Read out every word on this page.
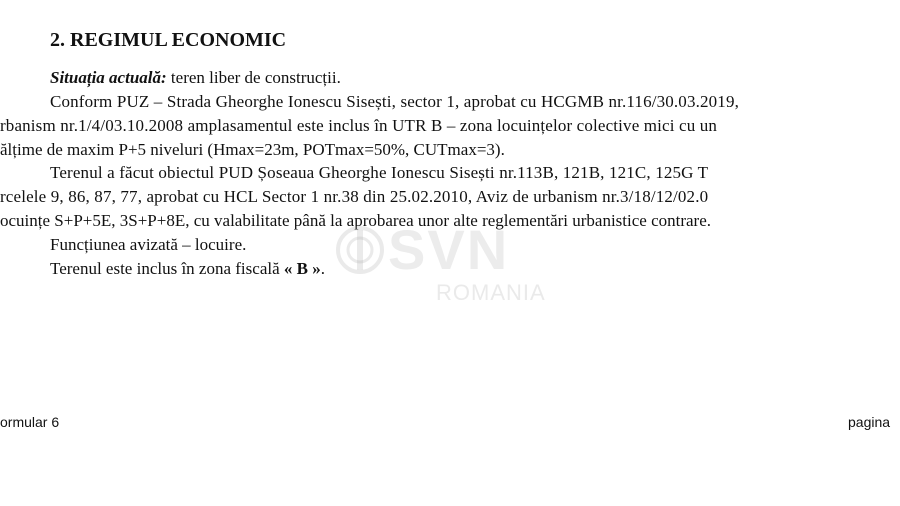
2. REGIMUL ECONOMIC
Situația actuală: teren liber de construcții.
Conform PUZ – Strada Gheorghe Ionescu Sisești, sector 1, aprobat cu HCGMB nr.116/30.03.2019,
rbanism nr.1/4/03.10.2008 amplasamentul este inclus în UTR B – zona locuințelor colective mici cu un
ălțime de maxim P+5 niveluri (Hmax=23m, POTmax=50%, CUTmax=3).
Terenul a făcut obiectul PUD Șoseaua Gheorghe Ionescu Sisești nr.113B, 121B, 121C, 125G T
rcelele 9, 86, 87, 77, aprobat cu HCL Sector 1 nr.38 din 25.02.2010, Aviz de urbanism nr.3/18/12/02.0
ocuințe S+P+5E, 3S+P+8E, cu valabilitate până la aprobarea unor alte reglementări urbanistice contrare.
Funcțiunea avizată – locuire.
Terenul este inclus în zona fiscală « B ». SVN
ROMANIA
ormular 6	pagina
